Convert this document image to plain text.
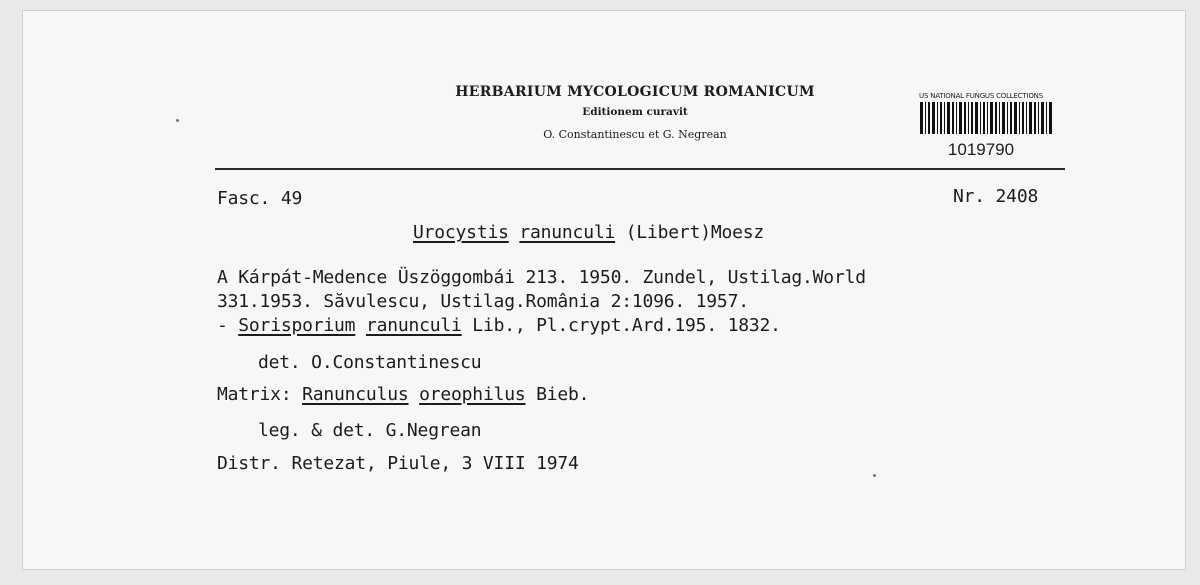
HERBARIUM MYCOLOGICUM ROMANICUM
Editionem curavit
O. Constantinescu et G. Negrean
US NATIONAL FUNGUS COLLECTIONS
1019790
Fasc. 49	Nr. 2408
Urocystis ranunculi (Libert)Moesz
A Kárpát-Medence Üszöggombái 213. 1950. Zundel, Ustilag.World
331.1953. Săvulescu, Ustilag.România 2:1096. 1957.
- Sorisporium ranunculi Lib., Pl.crypt.Ard.195. 1832.
det. O.Constantinescu
Matrix: Ranunculus oreophilus Bieb.
leg. & det. G.Negrean
Distr. Retezat, Piule, 3 VIII 1974
